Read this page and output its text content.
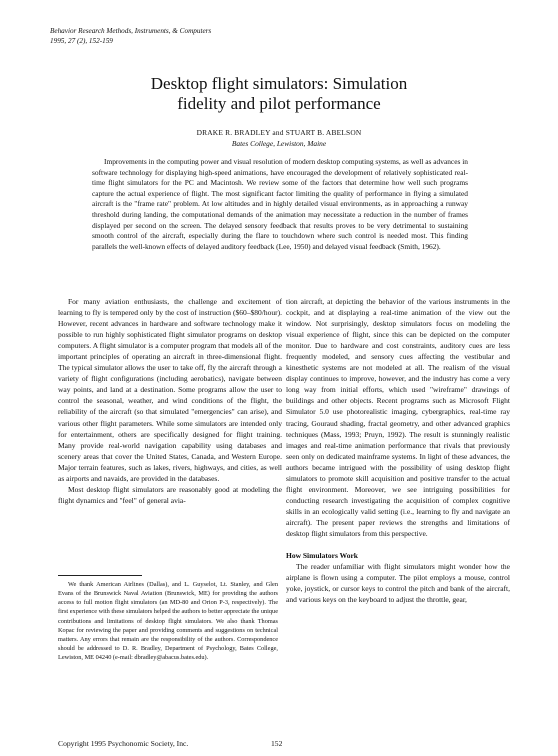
Behavior Research Methods, Instruments, & Computers
1995, 27 (2), 152-159
Desktop flight simulators: Simulation
fidelity and pilot performance
DRAKE R. BRADLEY and STUART B. ABELSON
Bates College, Lewiston, Maine

Improvements in the computing power and visual resolution of modern desktop computing systems, as well as advances in software technology for displaying high-speed animations, have encouraged the development of relatively sophisticated real-time flight simulators for the PC and Macintosh. We review some of the factors that determine how well such programs capture the actual experience of flight. The most significant factor limiting the quality of performance in flying a simulated aircraft is the "frame rate" problem. At low altitudes and in highly detailed visual environments, as in approaching a runway threshold during landing, the computational demands of the animation may necessitate a reduction in the number of frames displayed per second on the screen. The delayed sensory feedback that results proves to be very detrimental to sustaining smooth control of the aircraft, especially during the flare to touchdown where such control is needed most. This finding parallels the well-known effects of delayed auditory feedback (Lee, 1950) and delayed visual feedback (Smith, 1962).

For many aviation enthusiasts, the challenge and excitement of learning to fly is tempered only by the cost of instruction ($60–$80/hour). However, recent advances in hardware and software technology make it possible to run highly sophisticated flight simulator programs on desktop computers. A flight simulator is a computer program that models all of the important principles of operating an aircraft in three-dimensional flight. The typical simulator allows the user to take off, fly the aircraft through a variety of flight configurations (including aerobatics), navigate between way points, and land at a destination. Some programs allow the user to control the seasonal, weather, and wind conditions of the flight, the reliability of the aircraft (so that simulated "emergencies" can arise), and various other flight parameters. While some simulators are intended only for entertainment, others are specifically designed for flight training. Many provide real-world navigation capability using databases and scenery areas that cover the United States, Canada, and Western Europe. Major terrain features, such as lakes, rivers, highways, and cities, as well as airports and navaids, are provided in the databases.

Most desktop flight simulators are reasonably good at modeling the flight dynamics and "feel" of general avia-

We thank American Airlines (Dallas), and L. Guyselot, Lt. Stanley, and Glen Evans of the Brunswick Naval Aviation (Brunswick, ME) for providing the authors access to full motion flight simulators (an MD-80 and Orion P-3, respectively). The first experience with these simulators helped the authors to better appreciate the unique contributions and limitations of desktop flight simulators. We also thank Thomas Kopac for reviewing the paper and providing comments and suggestions on technical matters. Any errors that remain are the responsibility of the authors. Correspondence should be addressed to D. R. Bradley, Department of Psychology, Bates College, Lewiston, ME 04240 (e-mail: dbradley@abacus.bates.edu).

tion aircraft, at depicting the behavior of the various instruments in the cockpit, and at displaying a real-time animation of the view out the window. Not surprisingly, desktop simulators focus on modeling the visual experience of flight, since this can be depicted on the computer monitor. Due to hardware and cost constraints, auditory cues are less frequently modeled, and sensory cues affecting the vestibular and kinesthetic systems are not modeled at all. The realism of the visual display continues to improve, however, and the industry has come a very long way from initial efforts, which used "wireframe" drawings of buildings and other objects. Recent programs such as Microsoft Flight Simulator 5.0 use photorealistic imaging, cybergraphics, real-time ray tracing, Gouraud shading, fractal geometry, and other advanced graphics techniques (Mass, 1993; Pruyn, 1992). The result is stunningly realistic images and real-time animation performance that rivals that previously seen only on dedicated mainframe systems. In light of these advances, the authors became intrigued with the possibility of using desktop flight simulators to promote skill acquisition and positive transfer to the actual flight environment. Moreover, we see intriguing possibilities for conducting research investigating the acquisition of complex cognitive skills in an ecologically valid setting (i.e., learning to fly and navigate an aircraft). The present paper reviews the strengths and limitations of desktop flight simulators from this perspective.

How Simulators Work

The reader unfamiliar with flight simulators might wonder how the airplane is flown using a computer. The pilot employs a mouse, control yoke, joystick, or cursor keys to control the pitch and bank of the aircraft, and various keys on the keyboard to adjust the throttle, gear,

Copyright 1995 Psychonomic Society, Inc.	152
